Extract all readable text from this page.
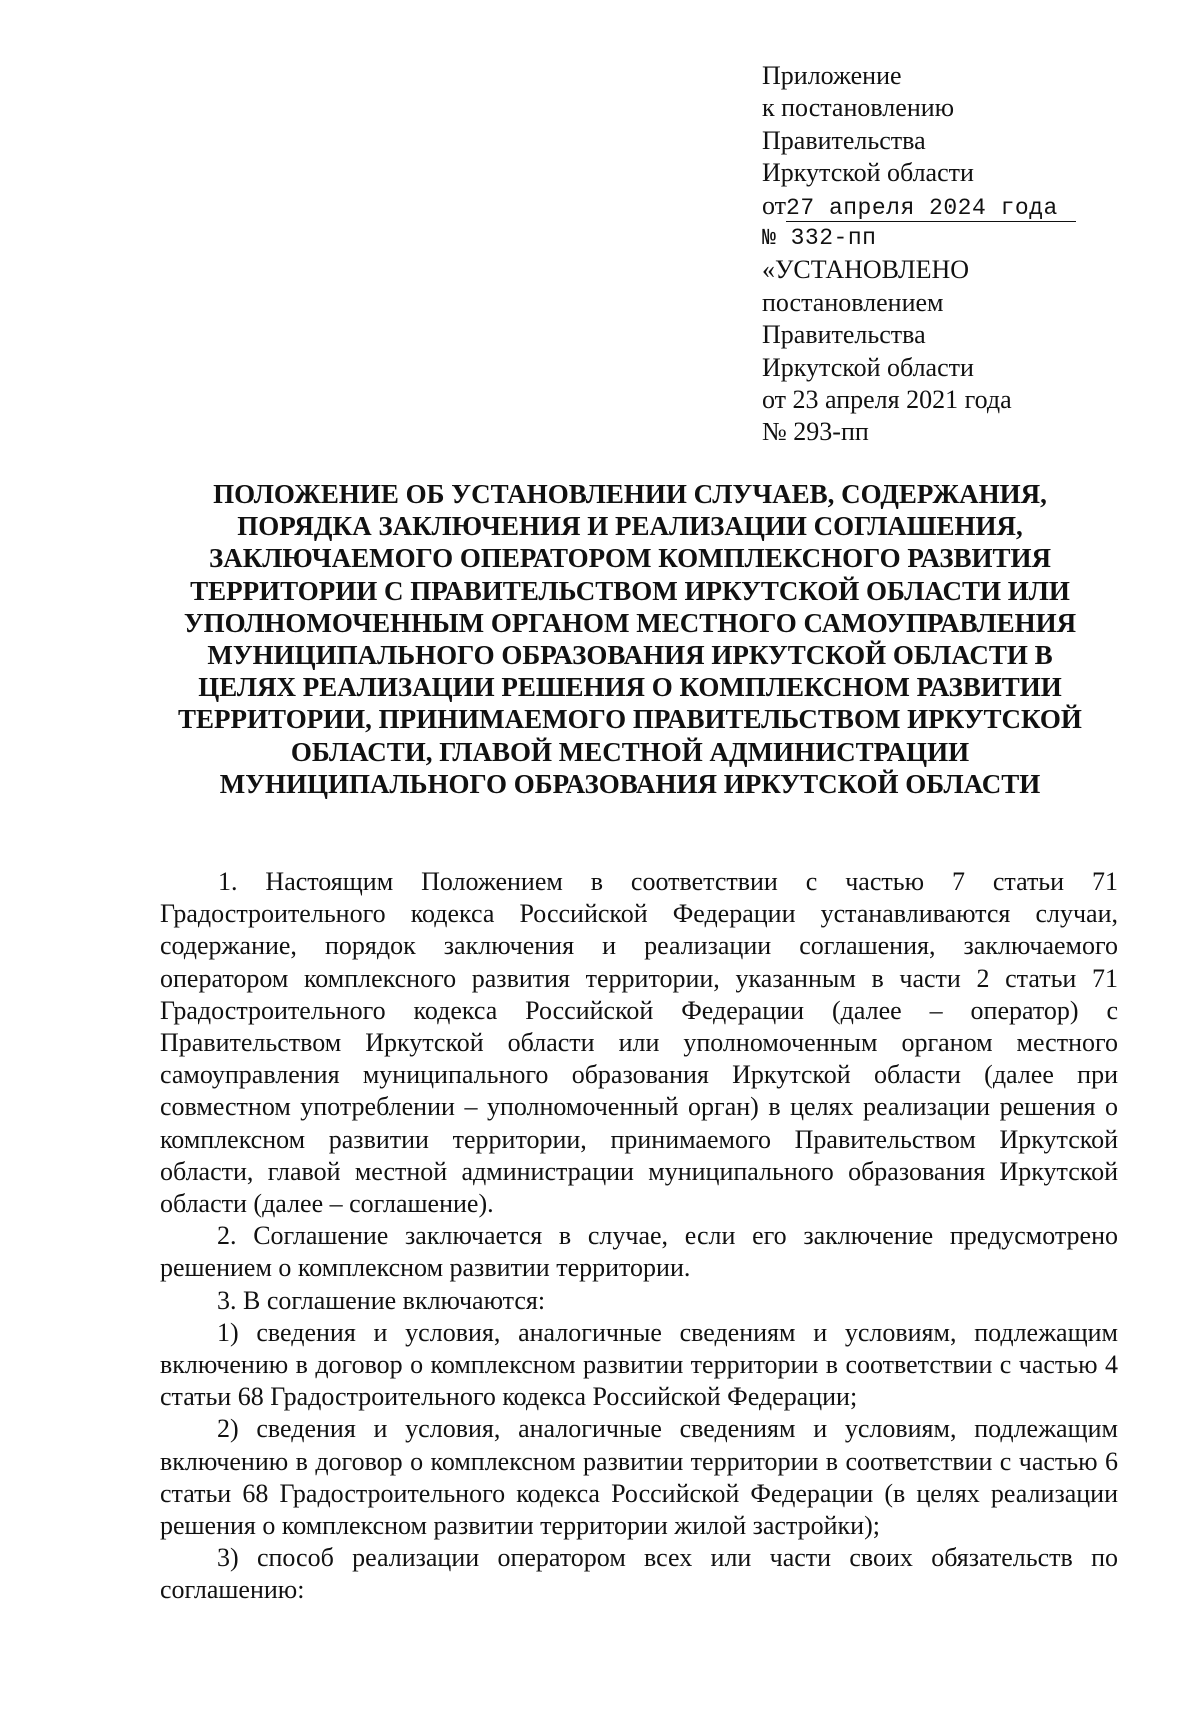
Приложение
к постановлению
Правительства
Иркутской области
от27 апреля 2024 года
№ 332-пп
«УСТАНОВЛЕНО
постановлением
Правительства
Иркутской области
от 23 апреля 2021 года
№ 293-пп
ПОЛОЖЕНИЕ ОБ УСТАНОВЛЕНИИ СЛУЧАЕВ, СОДЕРЖАНИЯ,
ПОРЯДКА ЗАКЛЮЧЕНИЯ И РЕАЛИЗАЦИИ СОГЛАШЕНИЯ,
ЗАКЛЮЧАЕМОГО ОПЕРАТОРОМ КОМПЛЕКСНОГО РАЗВИТИЯ
ТЕРРИТОРИИ С ПРАВИТЕЛЬСТВОМ ИРКУТСКОЙ ОБЛАСТИ ИЛИ
УПОЛНОМОЧЕННЫМ ОРГАНОМ МЕСТНОГО САМОУПРАВЛЕНИЯ
МУНИЦИПАЛЬНОГО ОБРАЗОВАНИЯ ИРКУТСКОЙ ОБЛАСТИ В
ЦЕЛЯХ РЕАЛИЗАЦИИ РЕШЕНИЯ О КОМПЛЕКСНОМ РАЗВИТИИ
ТЕРРИТОРИИ, ПРИНИМАЕМОГО ПРАВИТЕЛЬСТВОМ ИРКУТСКОЙ
ОБЛАСТИ, ГЛАВОЙ МЕСТНОЙ АДМИНИСТРАЦИИ
МУНИЦИПАЛЬНОГО ОБРАЗОВАНИЯ ИРКУТСКОЙ ОБЛАСТИ

1. Настоящим Положением в соответствии с частью 7 статьи 71 Градостроительного кодекса Российской Федерации устанавливаются случаи, содержание, порядок заключения и реализации соглашения, заключаемого оператором комплексного развития территории, указанным в части 2 статьи 71 Градостроительного кодекса Российской Федерации (далее – оператор) с Правительством Иркутской области или уполномоченным органом местного самоуправления муниципального образования Иркутской области (далее при совместном употреблении – уполномоченный орган) в целях реализации решения о комплексном развитии территории, принимаемого Правительством Иркутской области, главой местной администрации муниципального образования Иркутской области (далее – соглашение).

2. Соглашение заключается в случае, если его заключение предусмотрено решением о комплексном развитии территории.

3. В соглашение включаются:

1) сведения и условия, аналогичные сведениям и условиям, подлежащим включению в договор о комплексном развитии территории в соответствии с частью 4 статьи 68 Градостроительного кодекса Российской Федерации;

2) сведения и условия, аналогичные сведениям и условиям, подлежащим включению в договор о комплексном развитии территории в соответствии с частью 6 статьи 68 Градостроительного кодекса Российской Федерации (в целях реализации решения о комплексном развитии территории жилой застройки);

3) способ реализации оператором всех или части своих обязательств по соглашению:
